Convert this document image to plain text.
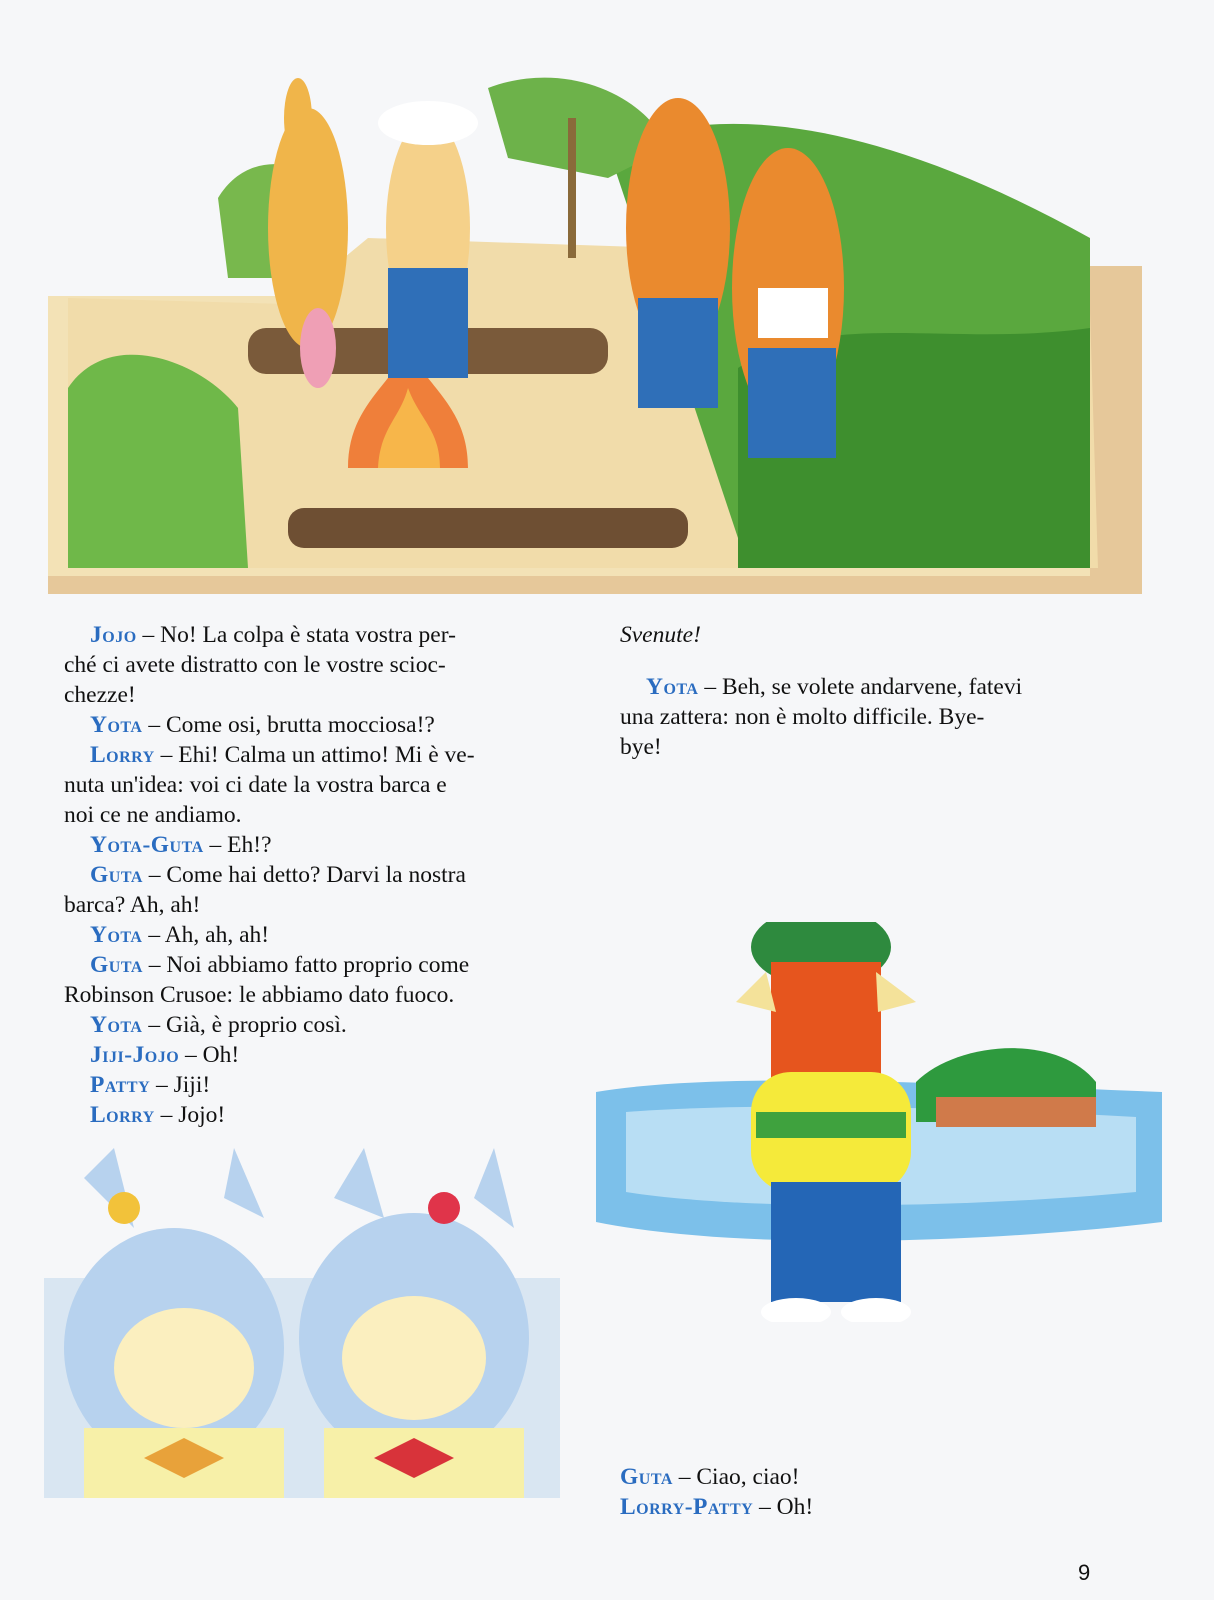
Jojo – No! La colpa è stata vostra per-

ché ci avete distratto con le vostre scioc-

chezze!

Yota – Come osi, brutta mocciosa!?

Lorry – Ehi! Calma un attimo! Mi è ve-

nuta un'idea: voi ci date la vostra barca e

noi ce ne andiamo.

Yota-Guta – Eh!?

Guta – Come hai detto? Darvi la nostra

barca? Ah, ah!

Yota – Ah, ah, ah!

Guta – Noi abbiamo fatto proprio come

Robinson Crusoe: le abbiamo dato fuoco.

Yota – Già, è proprio così.

Jiji-Jojo – Oh!

Patty – Jiji!

Lorry – Jojo!

Svenute!

Yota – Beh, se volete andarvene, fatevi

una zattera: non è molto difficile. Bye-

bye!

Guta – Ciao, ciao!

Lorry-Patty – Oh!

9
